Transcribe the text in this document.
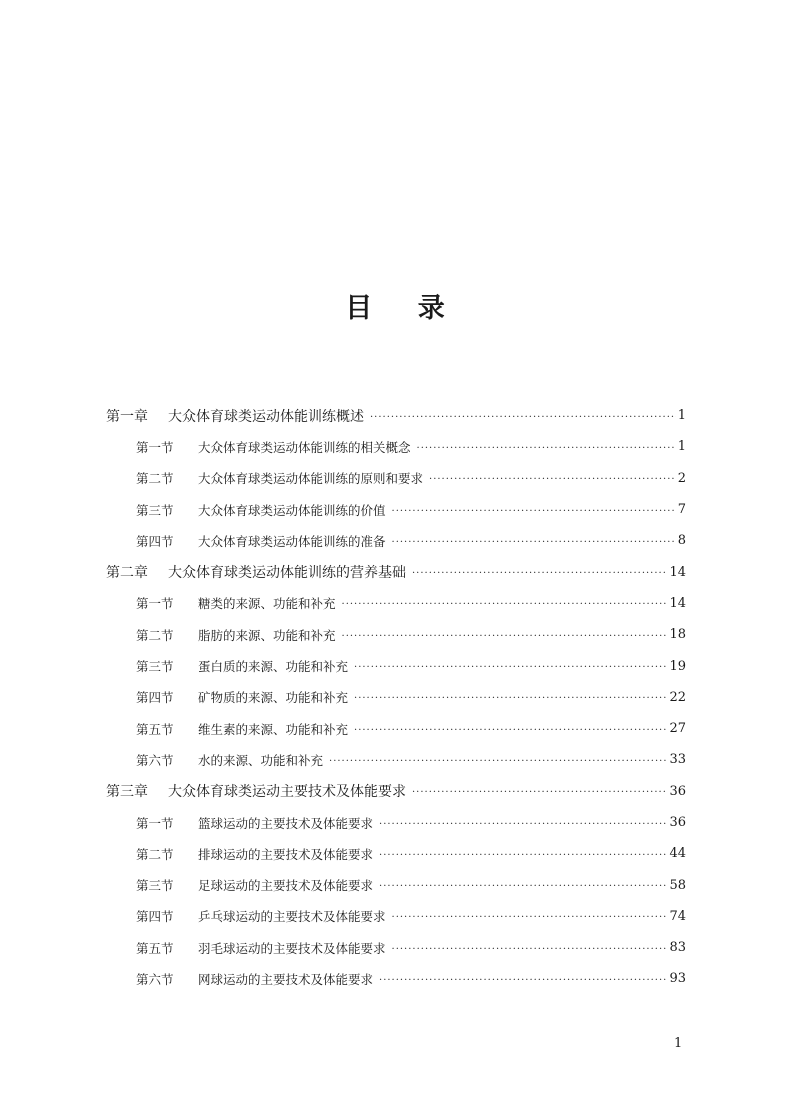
目 录
第一章	大众体育球类运动体能训练概述 ·····	1
第一节	大众体育球类运动体能训练的相关概念 ·····	1
第二节	大众体育球类运动体能训练的原则和要求 ·····	2
第三节	大众体育球类运动体能训练的价值 ·····	7
第四节	大众体育球类运动体能训练的准备 ·····	8
第二章	大众体育球类运动体能训练的营养基础 ·····	14
第一节	糖类的来源、功能和补充 ·····	14
第二节	脂肪的来源、功能和补充 ·····	18
第三节	蛋白质的来源、功能和补充 ·····	19
第四节	矿物质的来源、功能和补充 ·····	22
第五节	维生素的来源、功能和补充 ·····	27
第六节	水的来源、功能和补充 ·····	33
第三章	大众体育球类运动主要技术及体能要求 ·····	36
第一节	篮球运动的主要技术及体能要求 ·····	36
第二节	排球运动的主要技术及体能要求 ·····	44
第三节	足球运动的主要技术及体能要求 ·····	58
第四节	乒乓球运动的主要技术及体能要求 ·····	74
第五节	羽毛球运动的主要技术及体能要求 ·····	83
第六节	网球运动的主要技术及体能要求 ·····	93
1
